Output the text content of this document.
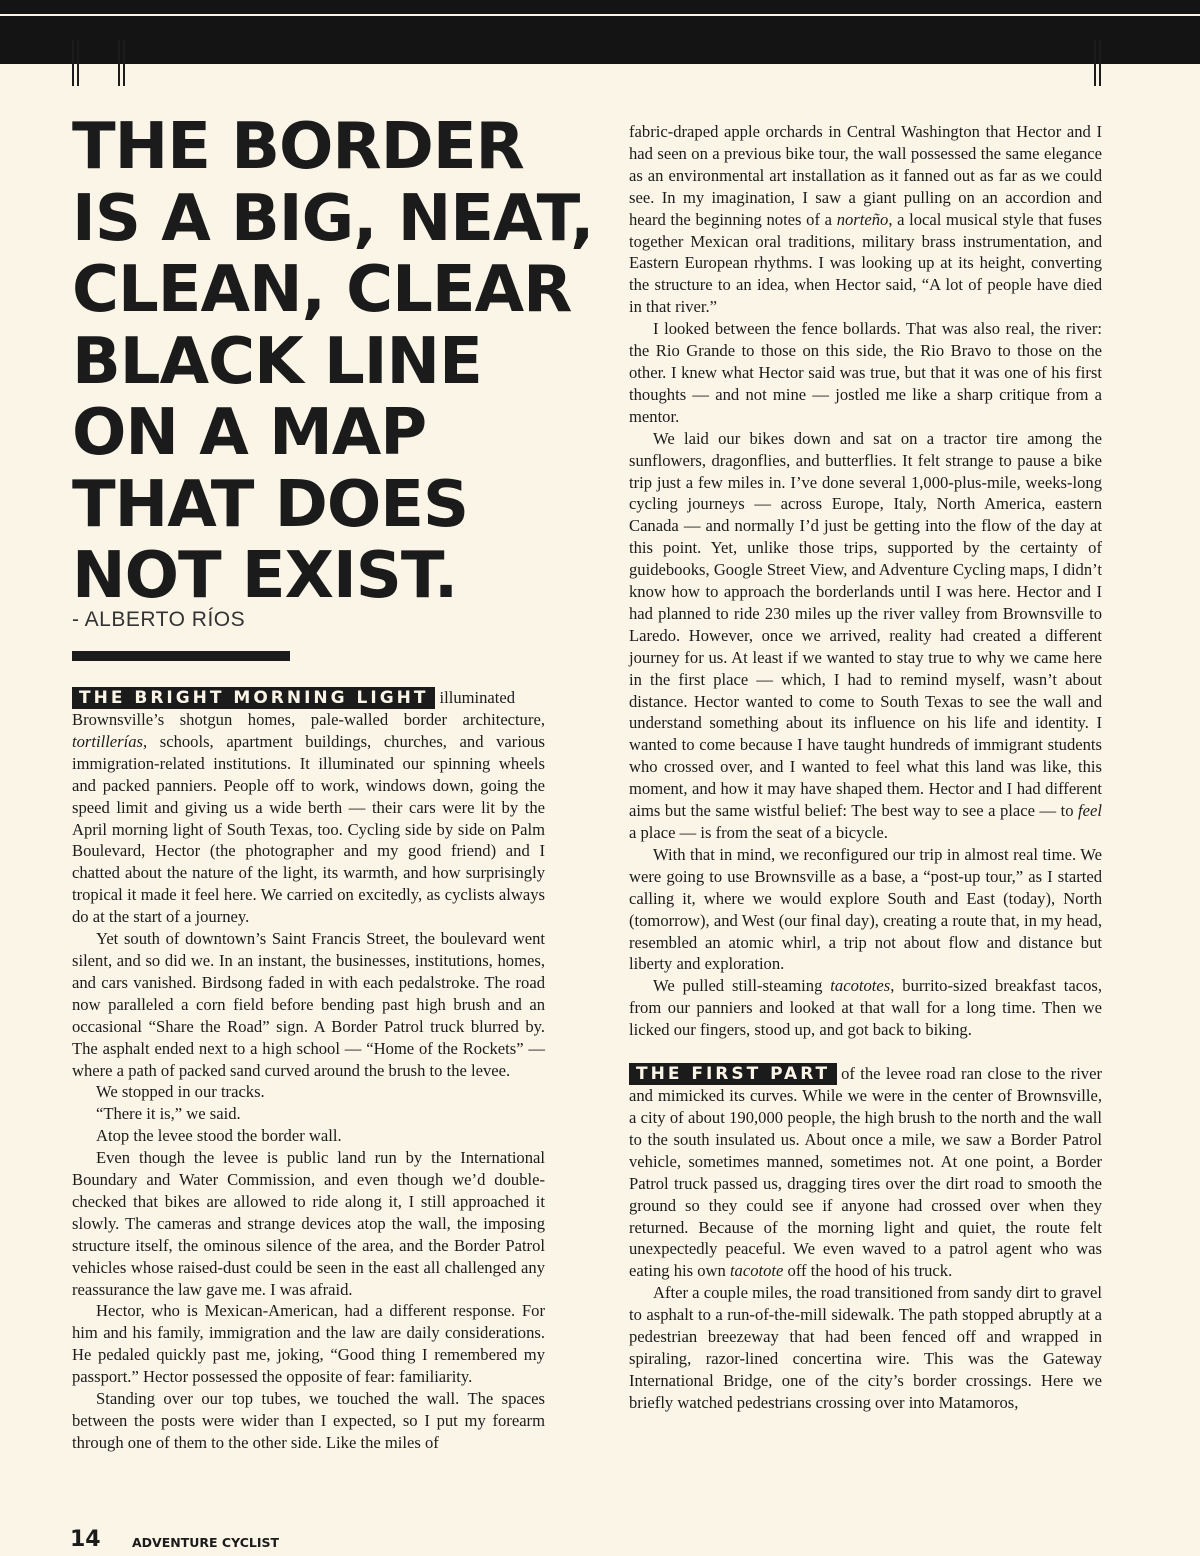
THE BORDER
IS A BIG, NEAT,
CLEAN, CLEAR
BLACK LINE
ON A MAP
THAT DOES
NOT EXIST.
- ALBERTO RÍOS

THE BRIGHT MORNING LIGHT illuminated Brownsville’s shotgun homes, pale-walled border architecture, tortillerías, schools, apartment buildings, churches, and various immigration-related institutions. It illuminated our spinning wheels and packed panniers. People off to work, windows down, going the speed limit and giving us a wide berth — their cars were lit by the April morning light of South Texas, too. Cycling side by side on Palm Boulevard, Hector (the photographer and my good friend) and I chatted about the nature of the light, its warmth, and how surprisingly tropical it made it feel here. We carried on excitedly, as cyclists always do at the start of a journey.

Yet south of downtown’s Saint Francis Street, the boulevard went silent, and so did we. In an instant, the businesses, institutions, homes, and cars vanished. Birdsong faded in with each pedalstroke. The road now paralleled a corn field before bending past high brush and an occasional “Share the Road” sign. A Border Patrol truck blurred by. The asphalt ended next to a high school — “Home of the Rockets” — where a path of packed sand curved around the brush to the levee.

We stopped in our tracks.

“There it is,” we said.

Atop the levee stood the border wall.

Even though the levee is public land run by the International Boundary and Water Commission, and even though we’d double-checked that bikes are allowed to ride along it, I still approached it slowly. The cameras and strange devices atop the wall, the imposing structure itself, the ominous silence of the area, and the Border Patrol vehicles whose raised-dust could be seen in the east all challenged any reassurance the law gave me. I was afraid.

Hector, who is Mexican-American, had a different response. For him and his family, immigration and the law are daily considerations. He pedaled quickly past me, joking, “Good thing I remembered my passport.” Hector possessed the opposite of fear: familiarity.

Standing over our top tubes, we touched the wall. The spaces between the posts were wider than I expected, so I put my forearm through one of them to the other side. Like the miles of

fabric-draped apple orchards in Central Washington that Hector and I had seen on a previous bike tour, the wall possessed the same elegance as an environmental art installation as it fanned out as far as we could see. In my imagination, I saw a giant pulling on an accordion and heard the beginning notes of a norteño, a local musical style that fuses together Mexican oral traditions, military brass instrumentation, and Eastern European rhythms. I was looking up at its height, converting the structure to an idea, when Hector said, “A lot of people have died in that river.”

I looked between the fence bollards. That was also real, the river: the Rio Grande to those on this side, the Rio Bravo to those on the other. I knew what Hector said was true, but that it was one of his first thoughts — and not mine — jostled me like a sharp critique from a mentor.

We laid our bikes down and sat on a tractor tire among the sunflowers, dragonflies, and butterflies. It felt strange to pause a bike trip just a few miles in. I’ve done several 1,000-plus-mile, weeks-long cycling journeys — across Europe, Italy, North America, eastern Canada — and normally I’d just be getting into the flow of the day at this point. Yet, unlike those trips, supported by the certainty of guidebooks, Google Street View, and Adventure Cycling maps, I didn’t know how to approach the borderlands until I was here. Hector and I had planned to ride 230 miles up the river valley from Brownsville to Laredo. However, once we arrived, reality had created a different journey for us. At least if we wanted to stay true to why we came here in the first place — which, I had to remind myself, wasn’t about distance. Hector wanted to come to South Texas to see the wall and understand something about its influence on his life and identity. I wanted to come because I have taught hundreds of immigrant students who crossed over, and I wanted to feel what this land was like, this moment, and how it may have shaped them. Hector and I had different aims but the same wistful belief: The best way to see a place — to feel a place — is from the seat of a bicycle.

With that in mind, we reconfigured our trip in almost real time. We were going to use Brownsville as a base, a “post-up tour,” as I started calling it, where we would explore South and East (today), North (tomorrow), and West (our final day), creating a route that, in my head, resembled an atomic whirl, a trip not about flow and distance but liberty and exploration.

We pulled still-steaming tacototes, burrito-sized breakfast tacos, from our panniers and looked at that wall for a long time. Then we licked our fingers, stood up, and got back to biking.

THE FIRST PART of the levee road ran close to the river and mimicked its curves. While we were in the center of Brownsville, a city of about 190,000 people, the high brush to the north and the wall to the south insulated us. About once a mile, we saw a Border Patrol vehicle, sometimes manned, sometimes not. At one point, a Border Patrol truck passed us, dragging tires over the dirt road to smooth the ground so they could see if anyone had crossed over when they returned. Because of the morning light and quiet, the route felt unexpectedly peaceful. We even waved to a patrol agent who was eating his own tacotote off the hood of his truck.

After a couple miles, the road transitioned from sandy dirt to gravel to asphalt to a run-of-the-mill sidewalk. The path stopped abruptly at a pedestrian breezeway that had been fenced off and wrapped in spiraling, razor-lined concertina wire. This was the Gateway International Bridge, one of the city’s border crossings. Here we briefly watched pedestrians crossing over into Matamoros,

14	ADVENTURE CYCLIST
